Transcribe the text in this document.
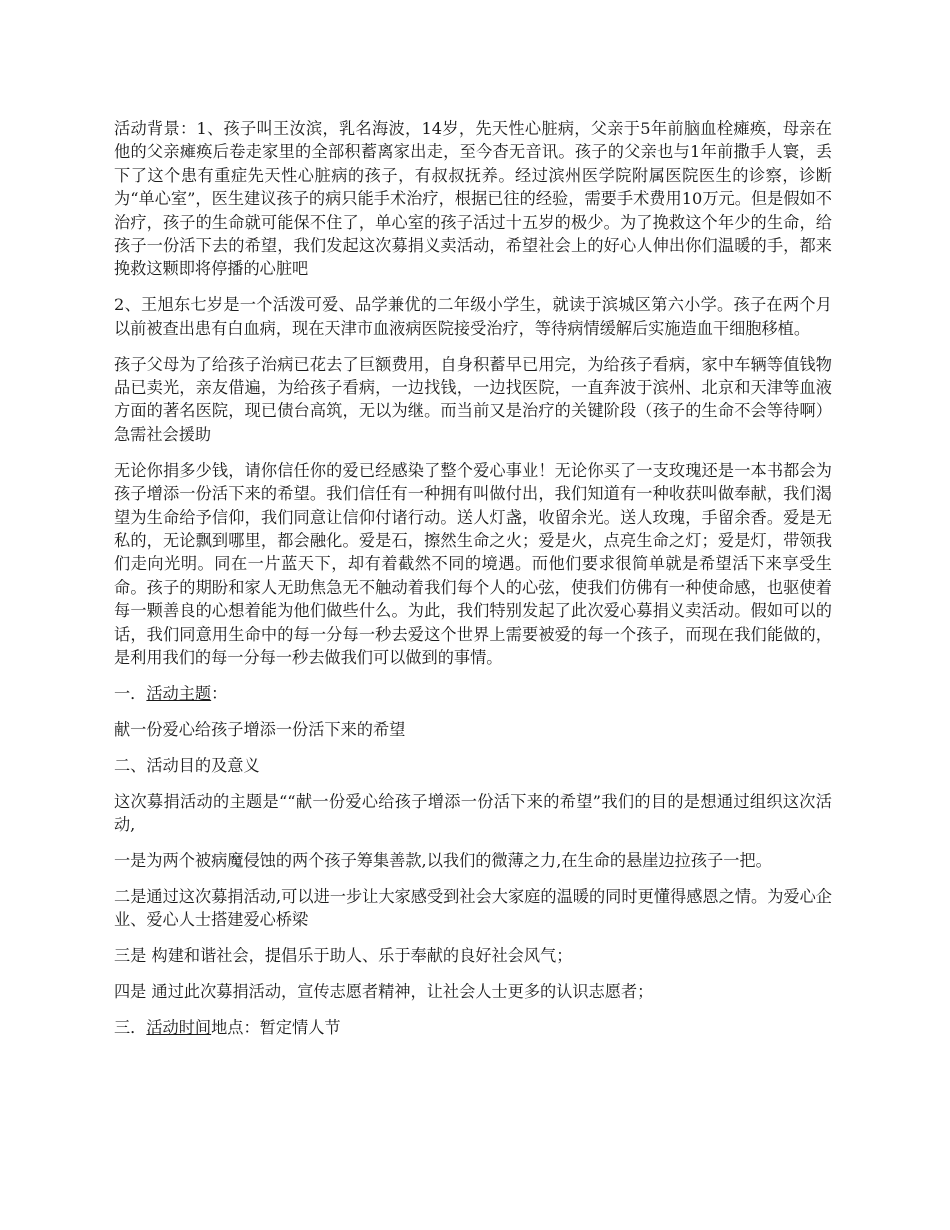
活动背景：1、孩子叫王汝滨，乳名海波，14岁，先天性心脏病，父亲于5年前脑血栓瘫痪，母亲在他的父亲瘫痪后卷走家里的全部积蓄离家出走，至今杳无音讯。孩子的父亲也与1年前撒手人寰，丢下了这个患有重症先天性心脏病的孩子，有叔叔抚养。经过滨州医学院附属医院医生的诊察，诊断为“单心室”，医生建议孩子的病只能手术治疗，根据已往的经验，需要手术费用10万元。但是假如不治疗，孩子的生命就可能保不住了，单心室的孩子活过十五岁的极少。为了挽救这个年少的生命，给孩子一份活下去的希望，我们发起这次募捐义卖活动，希望社会上的好心人伸出你们温暖的手，都来挽救这颗即将停播的心脏吧

2、王旭东七岁是一个活泼可爱、品学兼优的二年级小学生，就读于滨城区第六小学。孩子在两个月以前被查出患有白血病，现在天津市血液病医院接受治疗，等待病情缓解后实施造血干细胞移植。

孩子父母为了给孩子治病已花去了巨额费用，自身积蓄早已用完，为给孩子看病，家中车辆等值钱物品已卖光，亲友借遍，为给孩子看病，一边找钱，一边找医院，一直奔波于滨州、北京和天津等血液方面的著名医院，现已债台高筑，无以为继。而当前又是治疗的关键阶段（孩子的生命不会等待啊）急需社会援助

无论你捐多少钱，请你信任你的爱已经感染了整个爱心事业！无论你买了一支玫瑰还是一本书都会为孩子增添一份活下来的希望。我们信任有一种拥有叫做付出，我们知道有一种收获叫做奉献，我们渴望为生命给予信仰，我们同意让信仰付诸行动。送人灯盏，收留余光。送人玫瑰，手留余香。爱是无私的，无论飘到哪里，都会融化。爱是石，擦然生命之火；爱是火，点亮生命之灯；爱是灯，带领我们走向光明。同在一片蓝天下，却有着截然不同的境遇。而他们要求很简单就是希望活下来享受生命。孩子的期盼和家人无助焦急无不触动着我们每个人的心弦，使我们仿佛有一种使命感，也驱使着每一颗善良的心想着能为他们做些什么。为此，我们特别发起了此次爱心募捐义卖活动。假如可以的话，我们同意用生命中的每一分每一秒去爱这个世界上需要被爱的每一个孩子，而现在我们能做的，是利用我们的每一分每一秒去做我们可以做到的事情。

一．活动主题：

献一份爱心给孩子增添一份活下来的希望

二、活动目的及意义

这次募捐活动的主题是““献一份爱心给孩子增添一份活下来的希望”我们的目的是想通过组织这次活动,

一是为两个被病魔侵蚀的两个孩子筹集善款,以我们的微薄之力,在生命的悬崖边拉孩子一把。

二是通过这次募捐活动,可以进一步让大家感受到社会大家庭的温暖的同时更懂得感恩之情。为爱心企业、爱心人士搭建爱心桥梁

三是 构建和谐社会，提倡乐于助人、乐于奉献的良好社会风气；

四是 通过此次募捐活动，宣传志愿者精神，让社会人士更多的认识志愿者；

三．活动时间地点：暂定情人节
